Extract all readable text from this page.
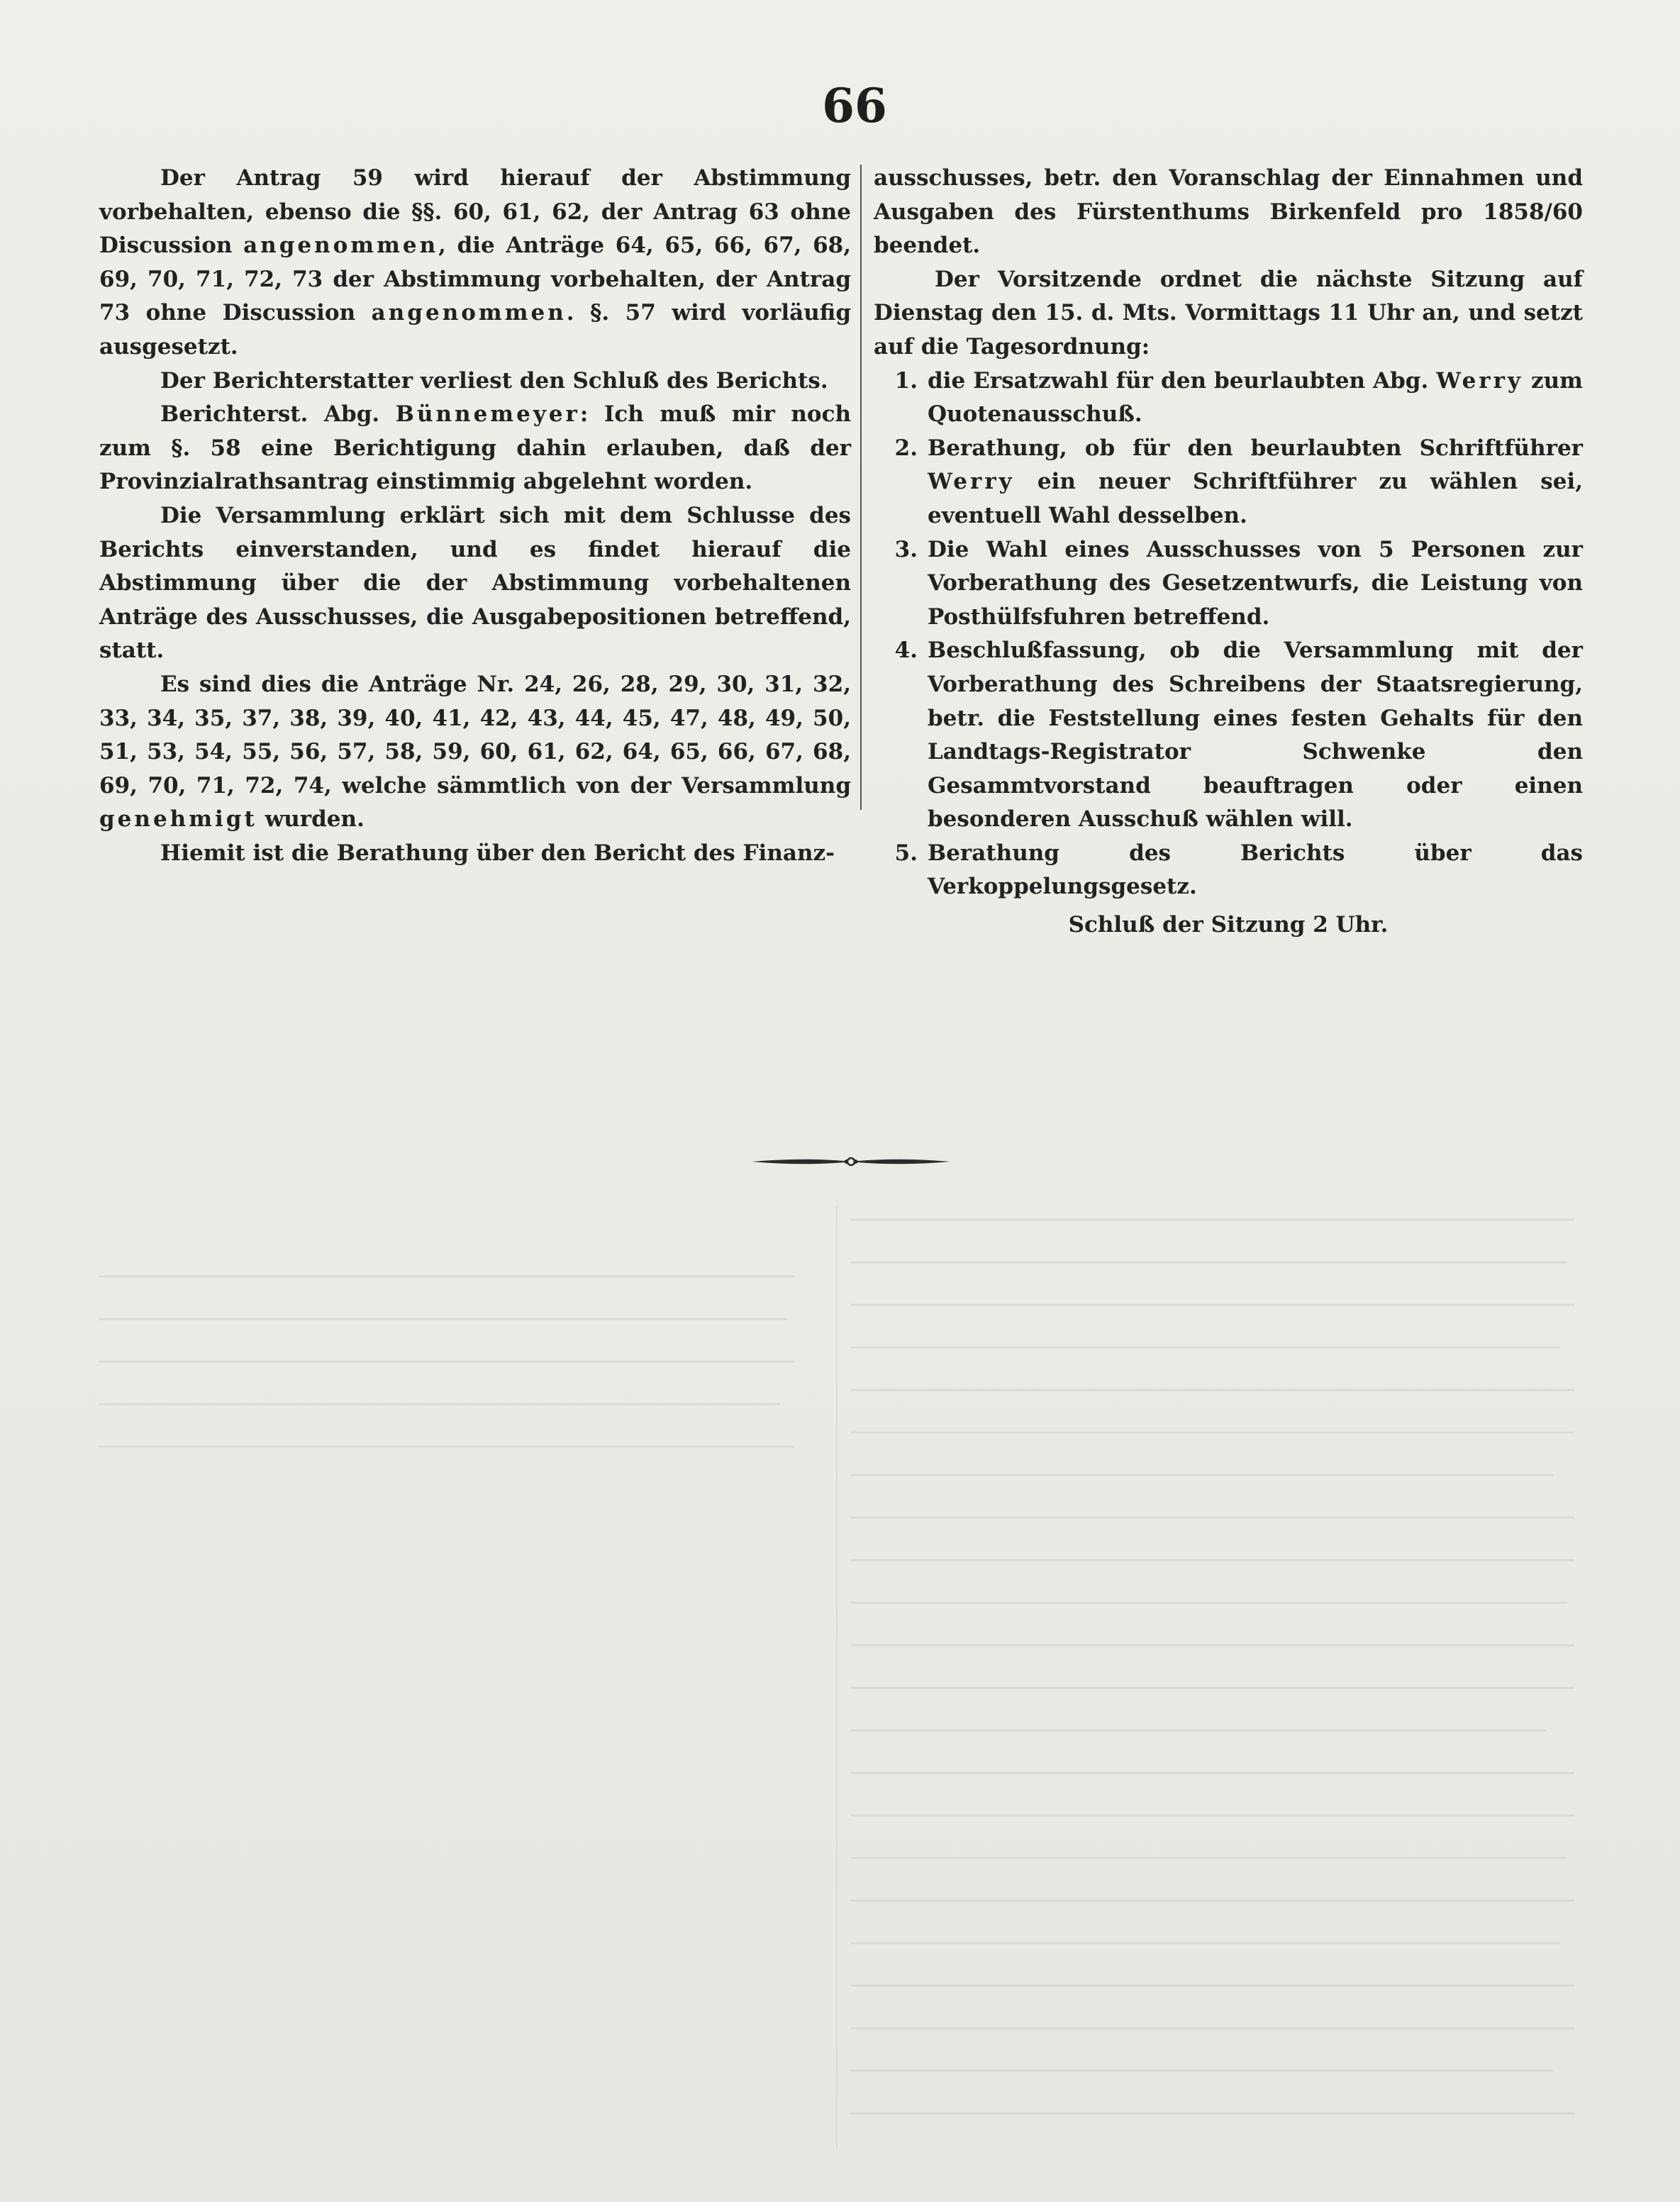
66

Der Antrag 59 wird hierauf der Abstimmung vorbehalten, ebenso die §§. 60, 61, 62, der Antrag 63 ohne Discussion angenommen, die Anträge 64, 65, 66, 67, 68, 69, 70, 71, 72, 73 der Abstimmung vorbehalten, der Antrag 73 ohne Discussion angenommen. §. 57 wird vorläufig ausgesetzt.

Der Berichterstatter verliest den Schluß des Berichts.

Berichterst. Abg. Bünnemeyer: Ich muß mir noch zum §. 58 eine Berichtigung dahin erlauben, daß der Provinzialrathsantrag einstimmig abgelehnt worden.

Die Versammlung erklärt sich mit dem Schlusse des Berichts einverstanden, und es findet hierauf die Abstimmung über die der Abstimmung vorbehaltenen Anträge des Ausschusses, die Ausgabepositionen betreffend, statt.

Es sind dies die Anträge Nr. 24, 26, 28, 29, 30, 31, 32, 33, 34, 35, 37, 38, 39, 40, 41, 42, 43, 44, 45, 47, 48, 49, 50, 51, 53, 54, 55, 56, 57, 58, 59, 60, 61, 62, 64, 65, 66, 67, 68, 69, 70, 71, 72, 74, welche sämmtlich von der Versammlung genehmigt wurden.

Hiemit ist die Berathung über den Bericht des Finanz-

ausschusses, betr. den Voranschlag der Einnahmen und Ausgaben des Fürstenthums Birkenfeld pro 1858/60 beendet.

Der Vorsitzende ordnet die nächste Sitzung auf Dienstag den 15. d. Mts. Vormittags 11 Uhr an, und setzt auf die Tagesordnung:

1. die Ersatzwahl für den beurlaubten Abg. Werry zum Quotenausschuß.
2. Berathung, ob für den beurlaubten Schriftführer Werry ein neuer Schriftführer zu wählen sei, eventuell Wahl desselben.
3. Die Wahl eines Ausschusses von 5 Personen zur Vorberathung des Gesetzentwurfs, die Leistung von Posthülfsfuhren betreffend.
4. Beschlußfassung, ob die Versammlung mit der Vorberathung des Schreibens der Staatsregierung, betr. die Feststellung eines festen Gehalts für den Landtags-Registrator Schwenke den Gesammtvorstand beauftragen oder einen besonderen Ausschuß wählen will.
5. Berathung des Berichts über das Verkoppelungsgesetz.
Schluß der Sitzung 2 Uhr.
